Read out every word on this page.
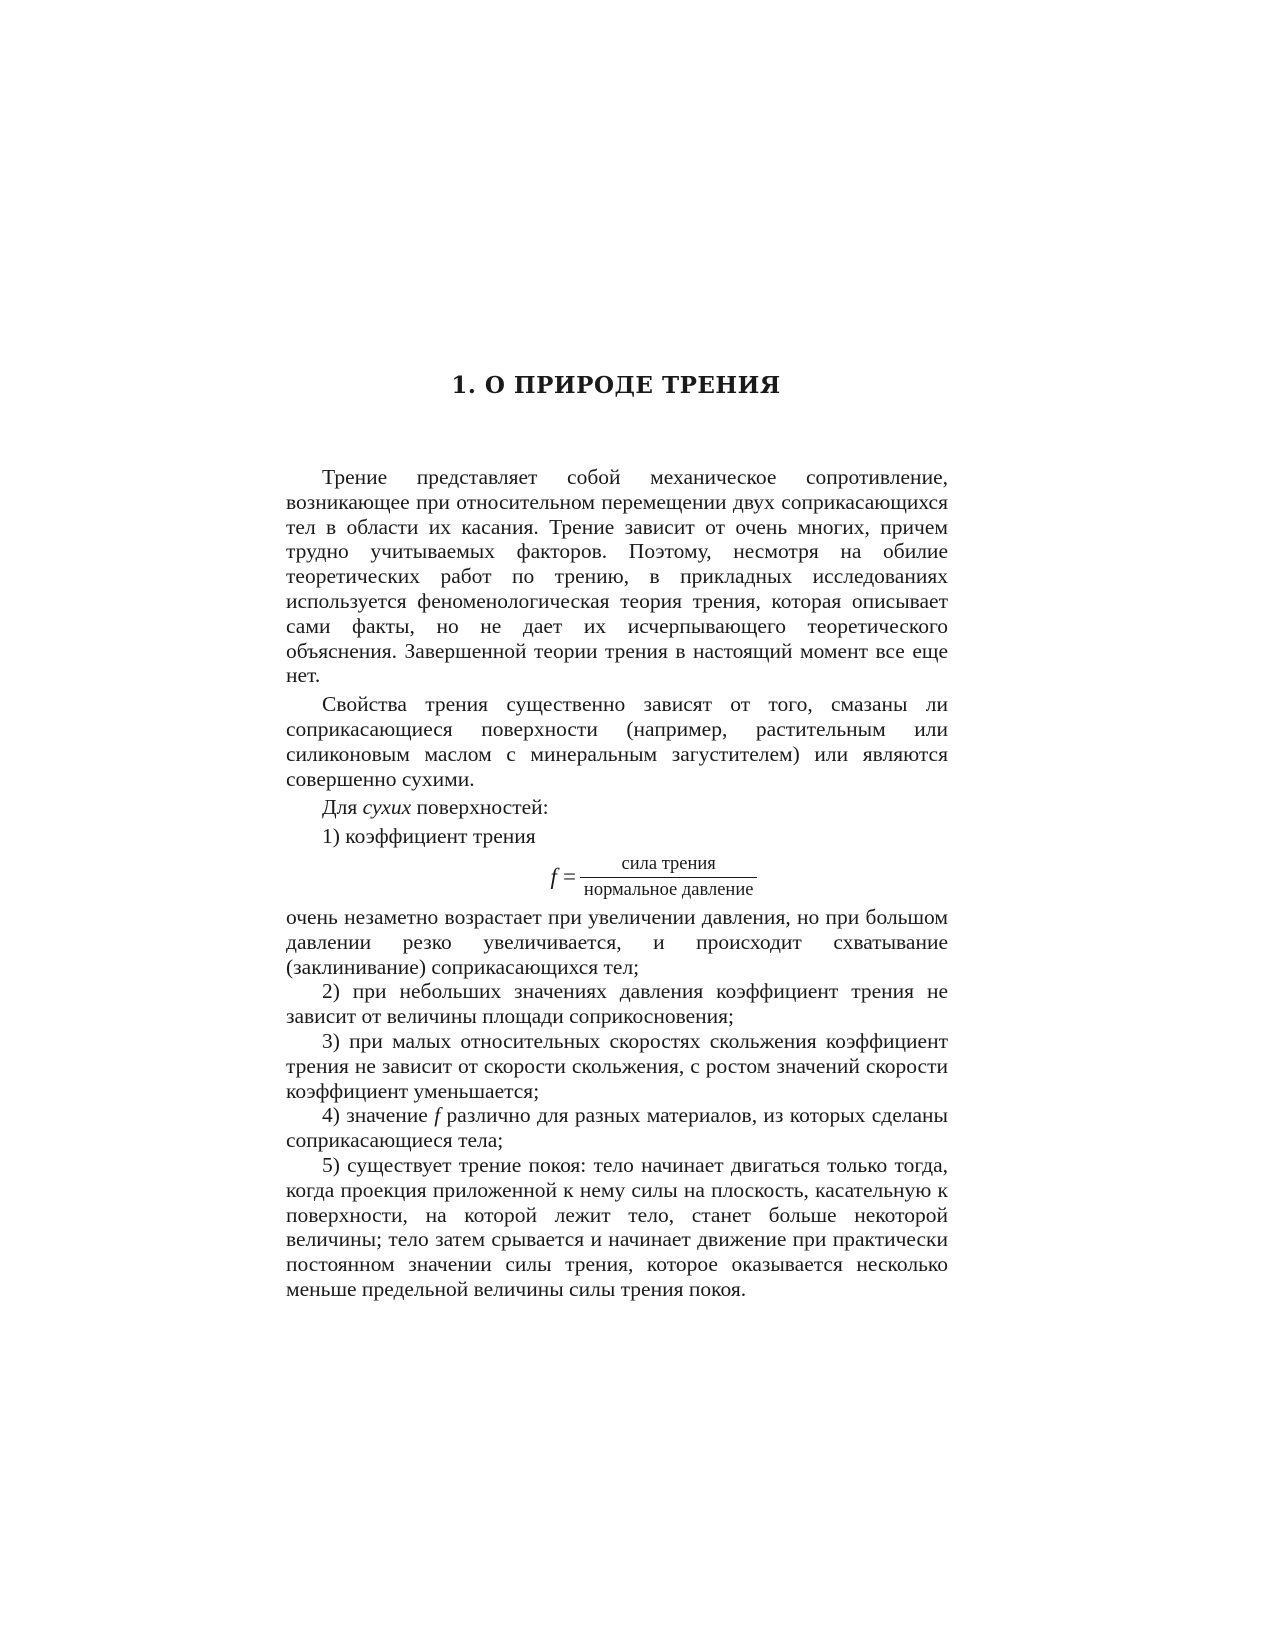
1. О ПРИРОДЕ ТРЕНИЯ

Трение представляет собой механическое сопротивление, возникающее при относительном перемещении двух соприкасающихся тел в области их касания. Трение зависит от очень многих, причем трудно учитываемых факторов. Поэтому, несмотря на обилие теоретических работ по трению, в прикладных исследованиях используется феноменологическая теория трения, которая описывает сами факты, но не дает их исчерпывающего теоретического объяснения. Завершенной теории трения в настоящий момент все еще нет.

Свойства трения существенно зависят от того, смазаны ли соприкасающиеся поверхности (например, растительным или силиконовым маслом с минеральным загустителем) или являются совершенно сухими.

Для сухих поверхностей:

1) коэффициент трения

$f = \frac{\text{сила трения}}{\text{нормальное давление}}$

очень незаметно возрастает при увеличении давления, но при большом давлении резко увеличивается, и происходит схватывание (заклинивание) соприкасающихся тел;

2) при небольших значениях давления коэффициент трения не зависит от величины площади соприкосновения;

3) при малых относительных скоростях скольжения коэффициент трения не зависит от скорости скольжения, с ростом значений скорости коэффициент уменьшается;

4) значение f различно для разных материалов, из которых сделаны соприкасающиеся тела;

5) существует трение покоя: тело начинает двигаться только тогда, когда проекция приложенной к нему силы на плоскость, касательную к поверхности, на которой лежит тело, станет больше некоторой величины; тело затем срывается и начинает движение при практически постоянном значении силы трения, которое оказывается несколько меньше предельной величины силы трения покоя.
